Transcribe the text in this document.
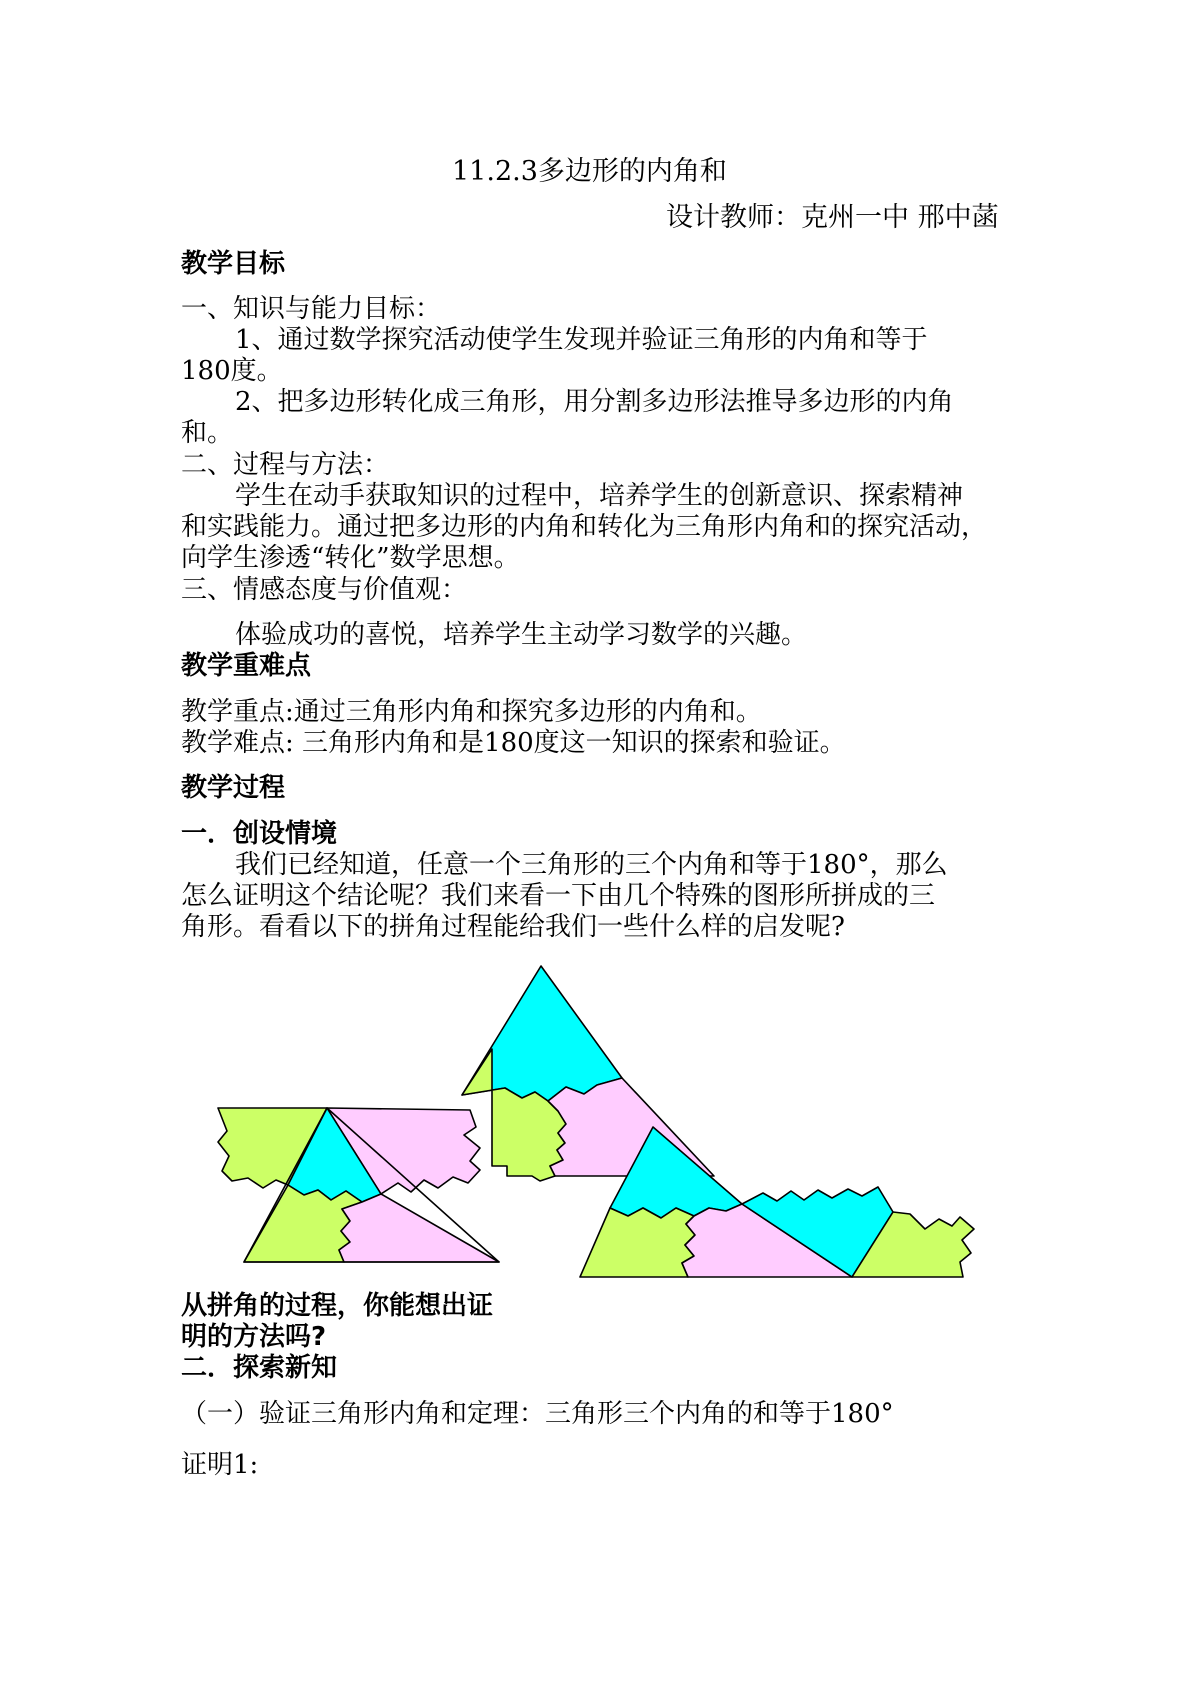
11.2.3多边形的内角和
设计教师：克州一中 邢中菡
教学目标
一、知识与能力目标：
1、通过数学探究活动使学生发现并验证三角形的内角和等于
180度。
2、把多边形转化成三角形，用分割多边形法推导多边形的内角
和。
二、过程与方法：
学生在动手获取知识的过程中，培养学生的创新意识、探索精神
和实践能力。通过把多边形的内角和转化为三角形内角和的探究活动，
向学生渗透“转化”数学思想。
三、情感态度与价值观：
体验成功的喜悦，培养学生主动学习数学的兴趣。
教学重难点
教学重点:通过三角形内角和探究多边形的内角和。
教学难点: 三角形内角和是180度这一知识的探索和验证。
教学过程
一．创设情境
我们已经知道，任意一个三角形的三个内角和等于180°，那么
怎么证明这个结论呢？我们来看一下由几个特殊的图形所拼成的三
角形。看看以下的拼角过程能给我们一些什么样的启发呢?
从拼角的过程，你能想出证
明的方法吗?
二．探索新知
（一）验证三角形内角和定理：三角形三个内角的和等于180°
证明1:
